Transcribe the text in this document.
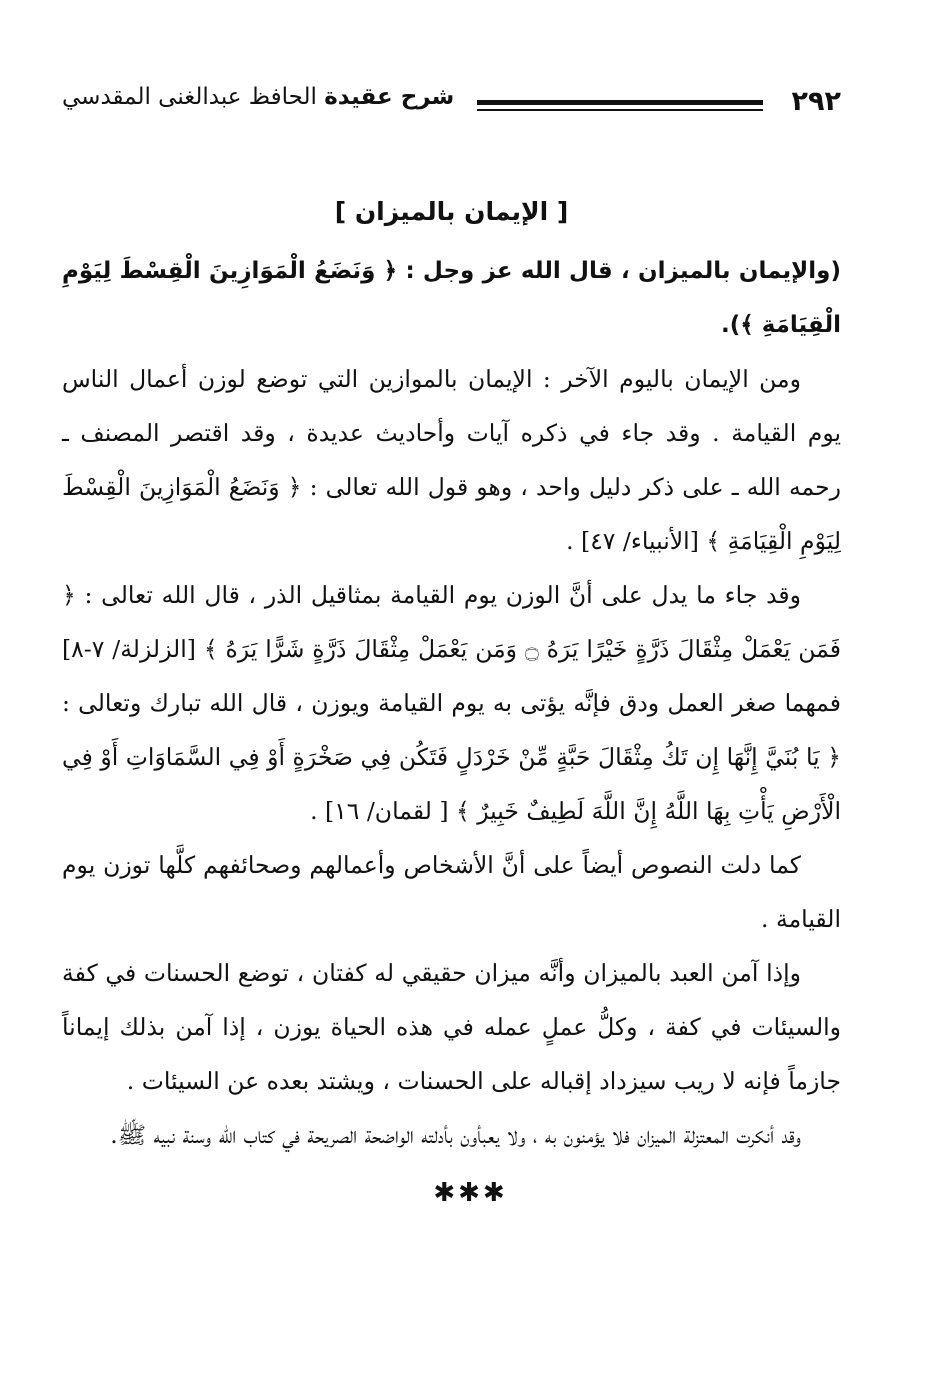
٢٩٢
شرح عقيدة الحافظ عبدالغنى المقدسي
[ الإيمان بالميزان ]

(والإيمان بالميزان ، قال الله عز وجل : ﴿ وَنَضَعُ الْمَوَازِينَ الْقِسْطَ لِيَوْمِ الْقِيَامَةِ ﴾).

ومن الإيمان باليوم الآخر : الإيمان بالموازين التي توضع لوزن أعمال الناس يوم القيامة . وقد جاء في ذكره آيات وأحاديث عديدة ، وقد اقتصر المصنف ـ رحمه الله ـ على ذكر دليل واحد ، وهو قول الله تعالى : ﴿ وَنَضَعُ الْمَوَازِينَ الْقِسْطَ لِيَوْمِ الْقِيَامَةِ ﴾ [الأنبياء/ ٤٧] .

وقد جاء ما يدل على أنَّ الوزن يوم القيامة بمثاقيل الذر ، قال الله تعالى : ﴿ فَمَن يَعْمَلْ مِثْقَالَ ذَرَّةٍ خَيْرًا يَرَهُ ۝ وَمَن يَعْمَلْ مِثْقَالَ ذَرَّةٍ شَرًّا يَرَهُ ﴾ [الزلزلة/ ٧-٨] فمهما صغر العمل ودق فإنَّه يؤتى به يوم القيامة ويوزن ، قال الله تبارك وتعالى : ﴿ يَا بُنَيَّ إِنَّهَا إِن تَكُ مِثْقَالَ حَبَّةٍ مِّنْ خَرْدَلٍ فَتَكُن فِي صَخْرَةٍ أَوْ فِي السَّمَاوَاتِ أَوْ فِي الْأَرْضِ يَأْتِ بِهَا اللَّهُ إِنَّ اللَّهَ لَطِيفٌ خَبِيرٌ ﴾ [ لقمان/ ١٦] .

كما دلت النصوص أيضاً على أنَّ الأشخاص وأعمالهم وصحائفهم كلَّها توزن يوم القيامة .

وإذا آمن العبد بالميزان وأنَّه ميزان حقيقي له كفتان ، توضع الحسنات في كفة والسيئات في كفة ، وكلُّ عملٍ عمله في هذه الحياة يوزن ، إذا آمن بذلك إيماناً جازماً فإنه لا ريب سيزداد إقباله على الحسنات ، ويشتد بعده عن السيئات .

وقد أنكرت المعتزلة الميزان فلا يؤمنون به ، ولا يعبأون بأدلته الواضحة الصريحة في كتاب الله وسنة نبيه ﷺ.

✱✱✱
